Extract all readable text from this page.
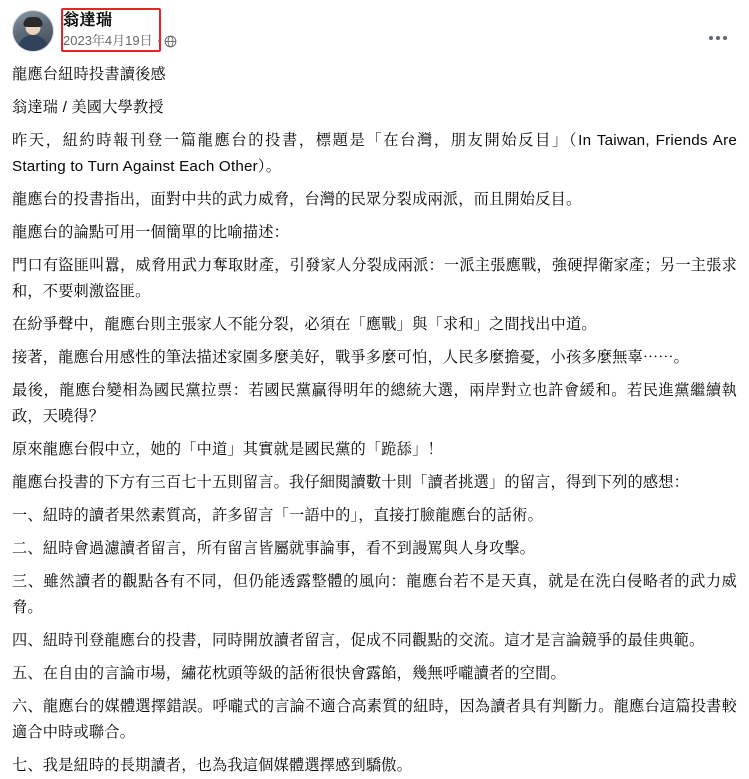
翁達瑞
2023年4月19日 ·

龍應台紐時投書讀後感

翁達瑞 / 美國大學教授

昨天，紐約時報刊登一篇龍應台的投書，標題是「在台灣，朋友開始反目」（In Taiwan, Friends Are Starting to Turn Against Each Other）。

龍應台的投書指出，面對中共的武力威脅，台灣的民眾分裂成兩派，而且開始反目。

龍應台的論點可用一個簡單的比喻描述：

門口有盜匪叫囂，威脅用武力奪取財產，引發家人分裂成兩派：一派主張應戰，強硬捍衛家產；另一主張求和，不要刺激盜匪。

在紛爭聲中，龍應台則主張家人不能分裂，必須在「應戰」與「求和」之間找出中道。

接著，龍應台用感性的筆法描述家園多麼美好，戰爭多麼可怕，人民多麼擔憂，小孩多麼無辜⋯⋯。

最後，龍應台變相為國民黨拉票：若國民黨贏得明年的總統大選，兩岸對立也許會緩和。若民進黨繼續執政，天曉得？

原來龍應台假中立，她的「中道」其實就是國民黨的「跪舔」！

龍應台投書的下方有三百七十五則留言。我仔細閱讀數十則「讀者挑選」的留言，得到下列的感想：

一、紐時的讀者果然素質高，許多留言「一語中的」，直接打臉龍應台的話術。

二、紐時會過濾讀者留言，所有留言皆屬就事論事，看不到謾罵與人身攻擊。

三、雖然讀者的觀點各有不同，但仍能透露整體的風向：龍應台若不是天真，就是在洗白侵略者的武力威脅。

四、紐時刊登龍應台的投書，同時開放讀者留言，促成不同觀點的交流。這才是言論競爭的最佳典範。

五、在自由的言論市場，繡花枕頭等級的話術很快會露餡，幾無呼嚨讀者的空間。

六、龍應台的媒體選擇錯誤。呼嚨式的言論不適合高素質的紐時，因為讀者具有判斷力。龍應台這篇投書較適合中時或聯合。

七、我是紐時的長期讀者，也為我這個媒體選擇感到驕傲。
